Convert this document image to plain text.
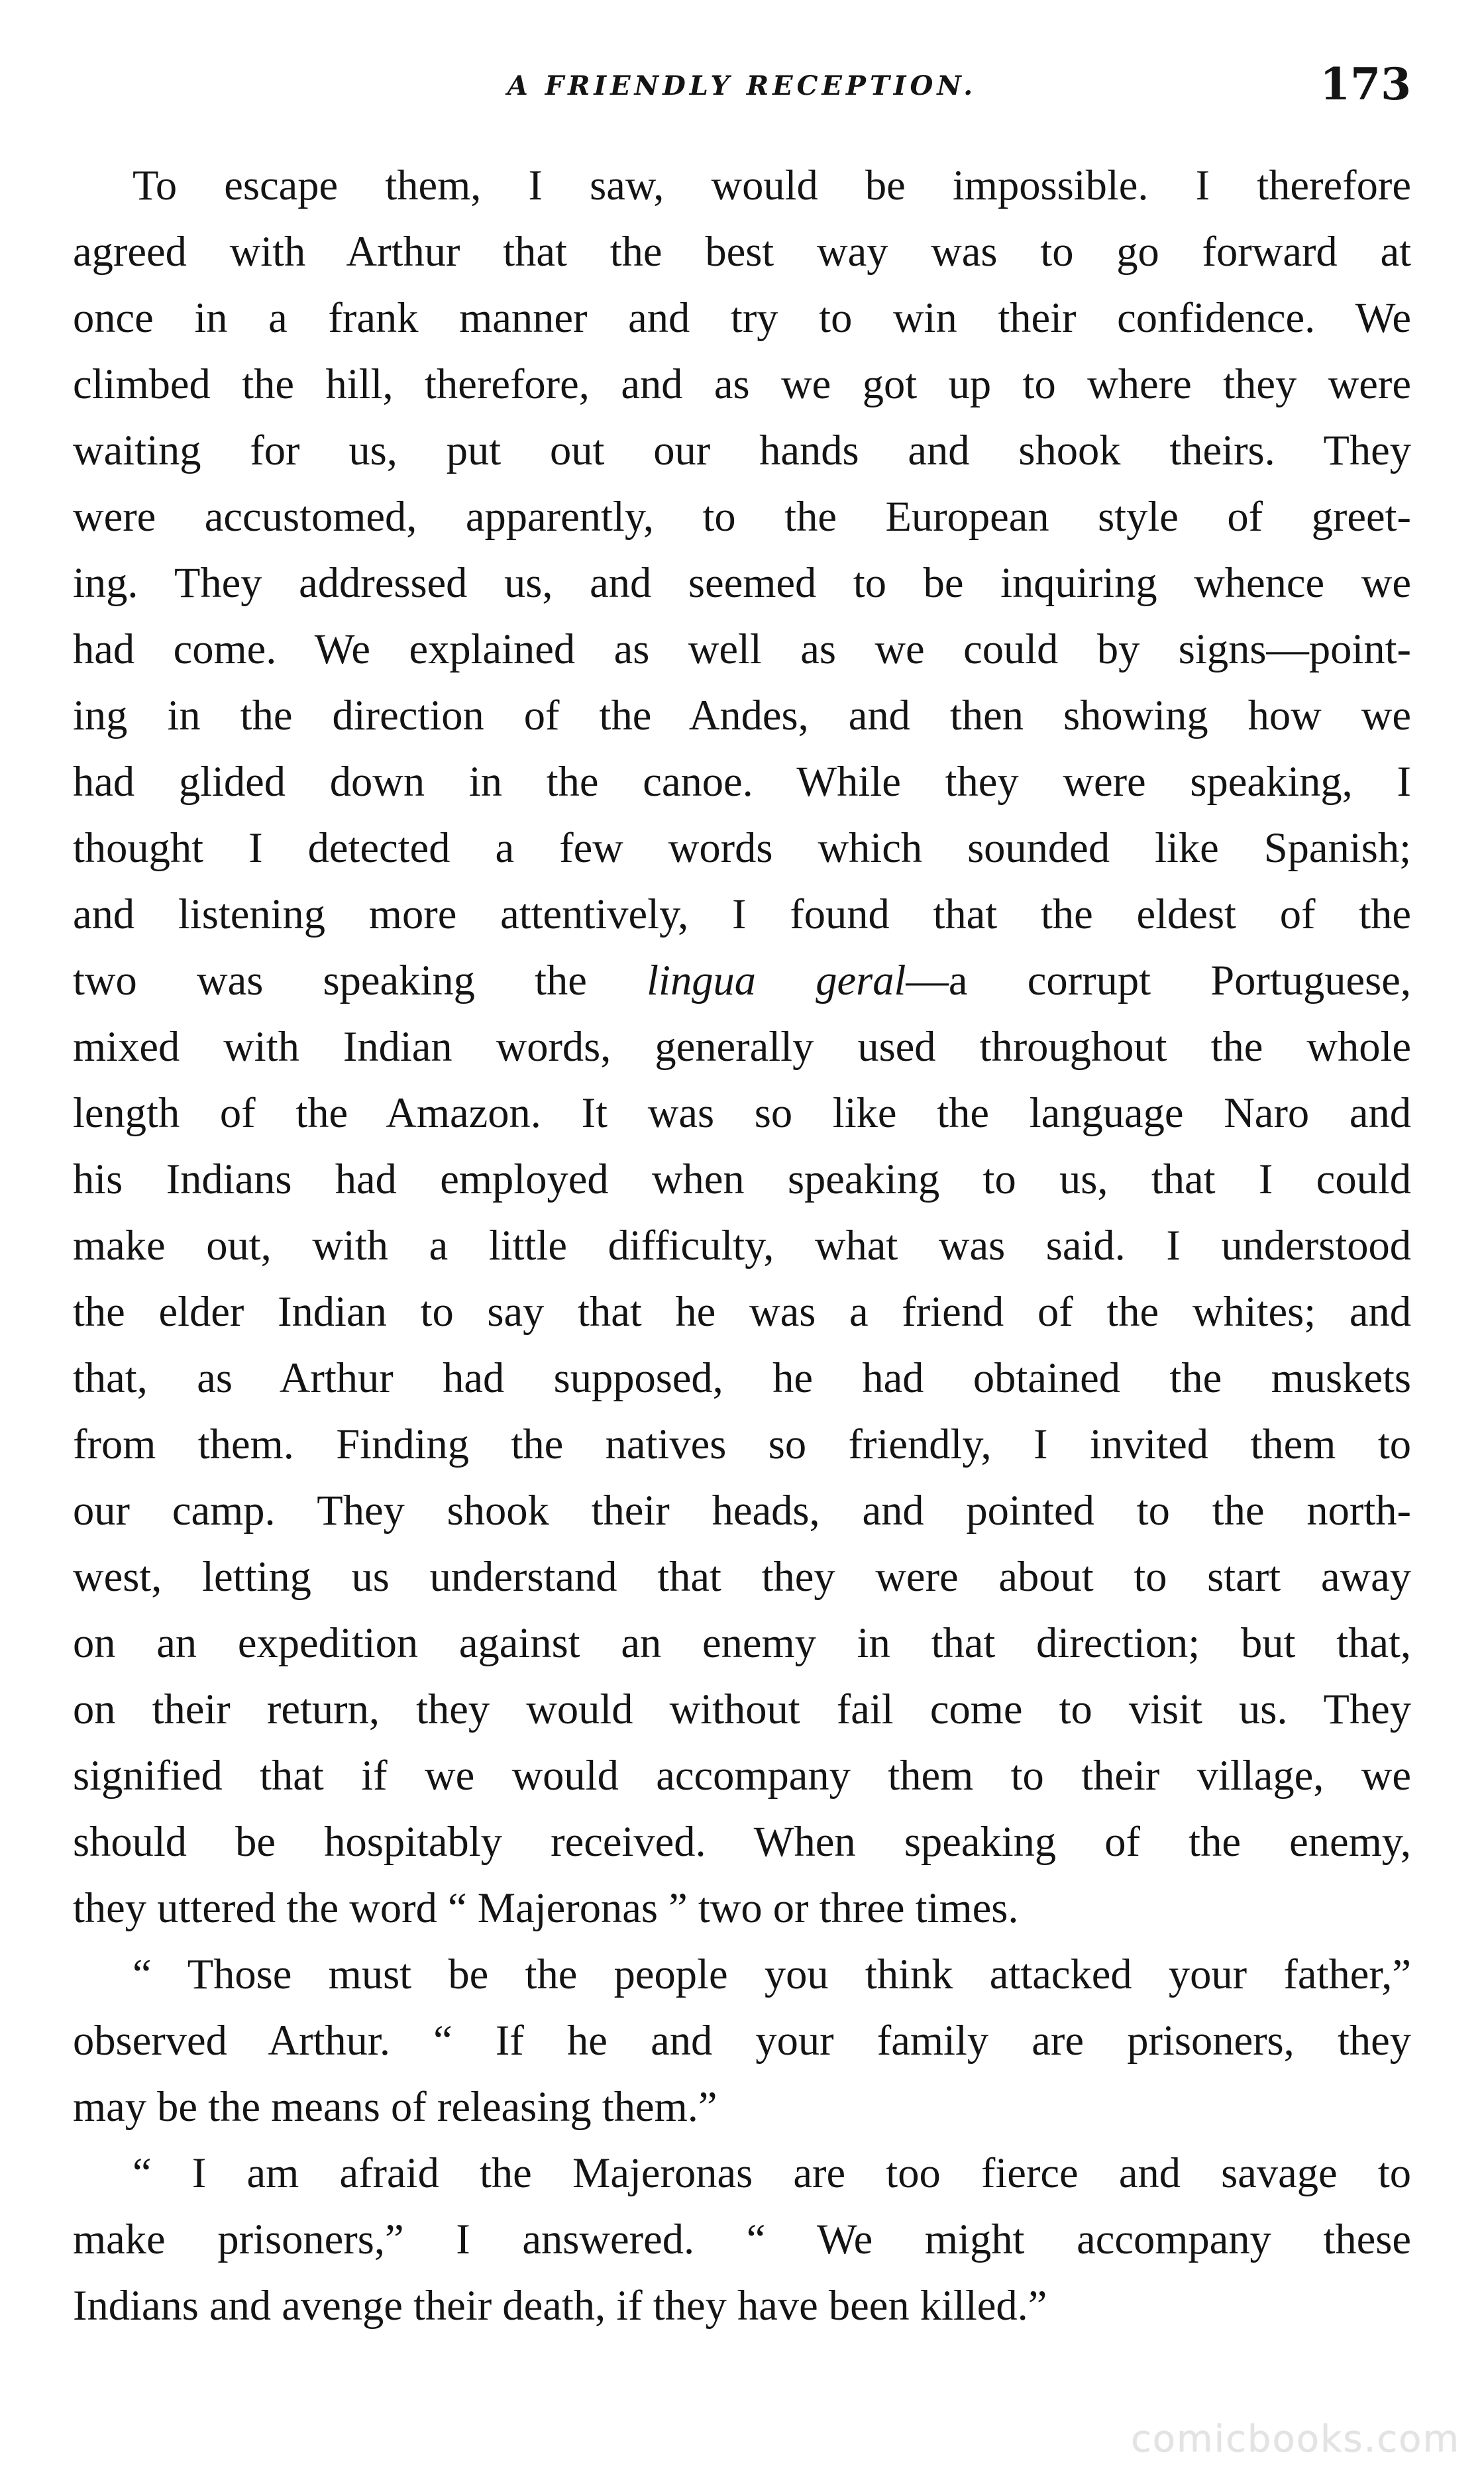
A FRIENDLY RECEPTION.	173
To escape them, I saw, would be impossible. I therefore
agreed with Arthur that the best way was to go forward at
once in a frank manner and try to win their confidence. We
climbed the hill, therefore, and as we got up to where they were
waiting for us, put out our hands and shook theirs. They
were accustomed, apparently, to the European style of greet-
ing. They addressed us, and seemed to be inquiring whence we
had come. We explained as well as we could by signs—point-
ing in the direction of the Andes, and then showing how we
had glided down in the canoe. While they were speaking, I
thought I detected a few words which sounded like Spanish;
and listening more attentively, I found that the eldest of the
two was speaking the lingua geral—a corrupt Portuguese,
mixed with Indian words, generally used throughout the whole
length of the Amazon. It was so like the language Naro and
his Indians had employed when speaking to us, that I could
make out, with a little difficulty, what was said. I understood
the elder Indian to say that he was a friend of the whites; and
that, as Arthur had supposed, he had obtained the muskets
from them. Finding the natives so friendly, I invited them to
our camp. They shook their heads, and pointed to the north-
west, letting us understand that they were about to start away
on an expedition against an enemy in that direction; but that,
on their return, they would without fail come to visit us. They
signified that if we would accompany them to their village, we
should be hospitably received. When speaking of the enemy,
they uttered the word “ Majeronas ” two or three times.
“ Those must be the people you think attacked your father,”
observed Arthur. “ If he and your family are prisoners, they
may be the means of releasing them.”
“ I am afraid the Majeronas are too fierce and savage to
make prisoners,” I answered. “ We might accompany these
Indians and avenge their death, if they have been killed.”
comicbooks.com
